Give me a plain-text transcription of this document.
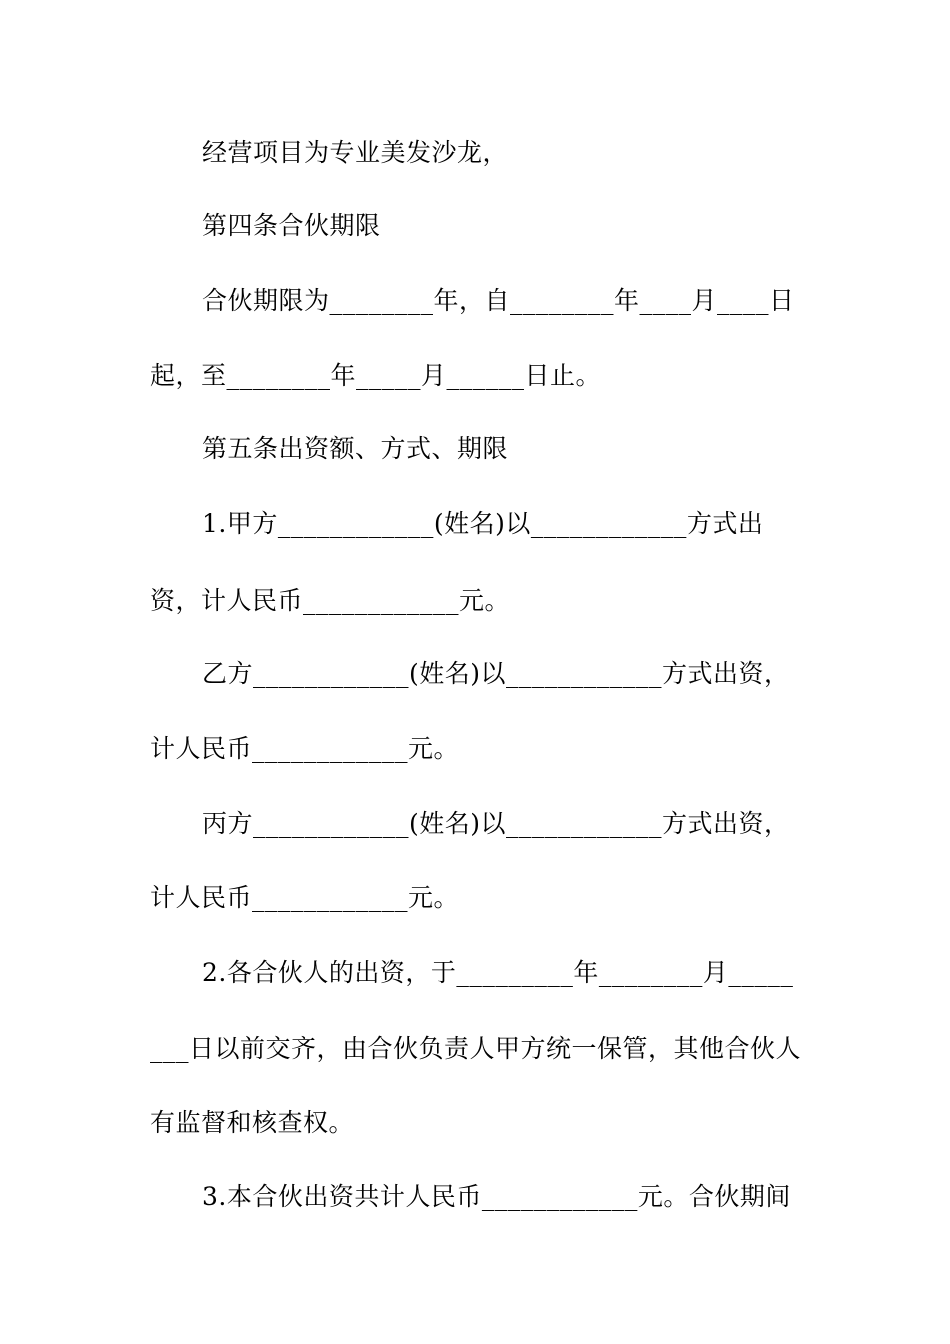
经营项目为专业美发沙龙，
第四条合伙期限
合伙期限为________年，自________年____月____日
起，至________年_____月______日止。
第五条出资额、方式、期限
1.甲方____________(姓名)以____________方式出
资，计人民币____________元。
乙方____________(姓名)以____________方式出资，
计人民币____________元。
丙方____________(姓名)以____________方式出资，
计人民币____________元。
2.各合伙人的出资，于_________年________月_____
___日以前交齐，由合伙负责人甲方统一保管，其他合伙人
有监督和核查权。
3.本合伙出资共计人民币____________元。合伙期间
